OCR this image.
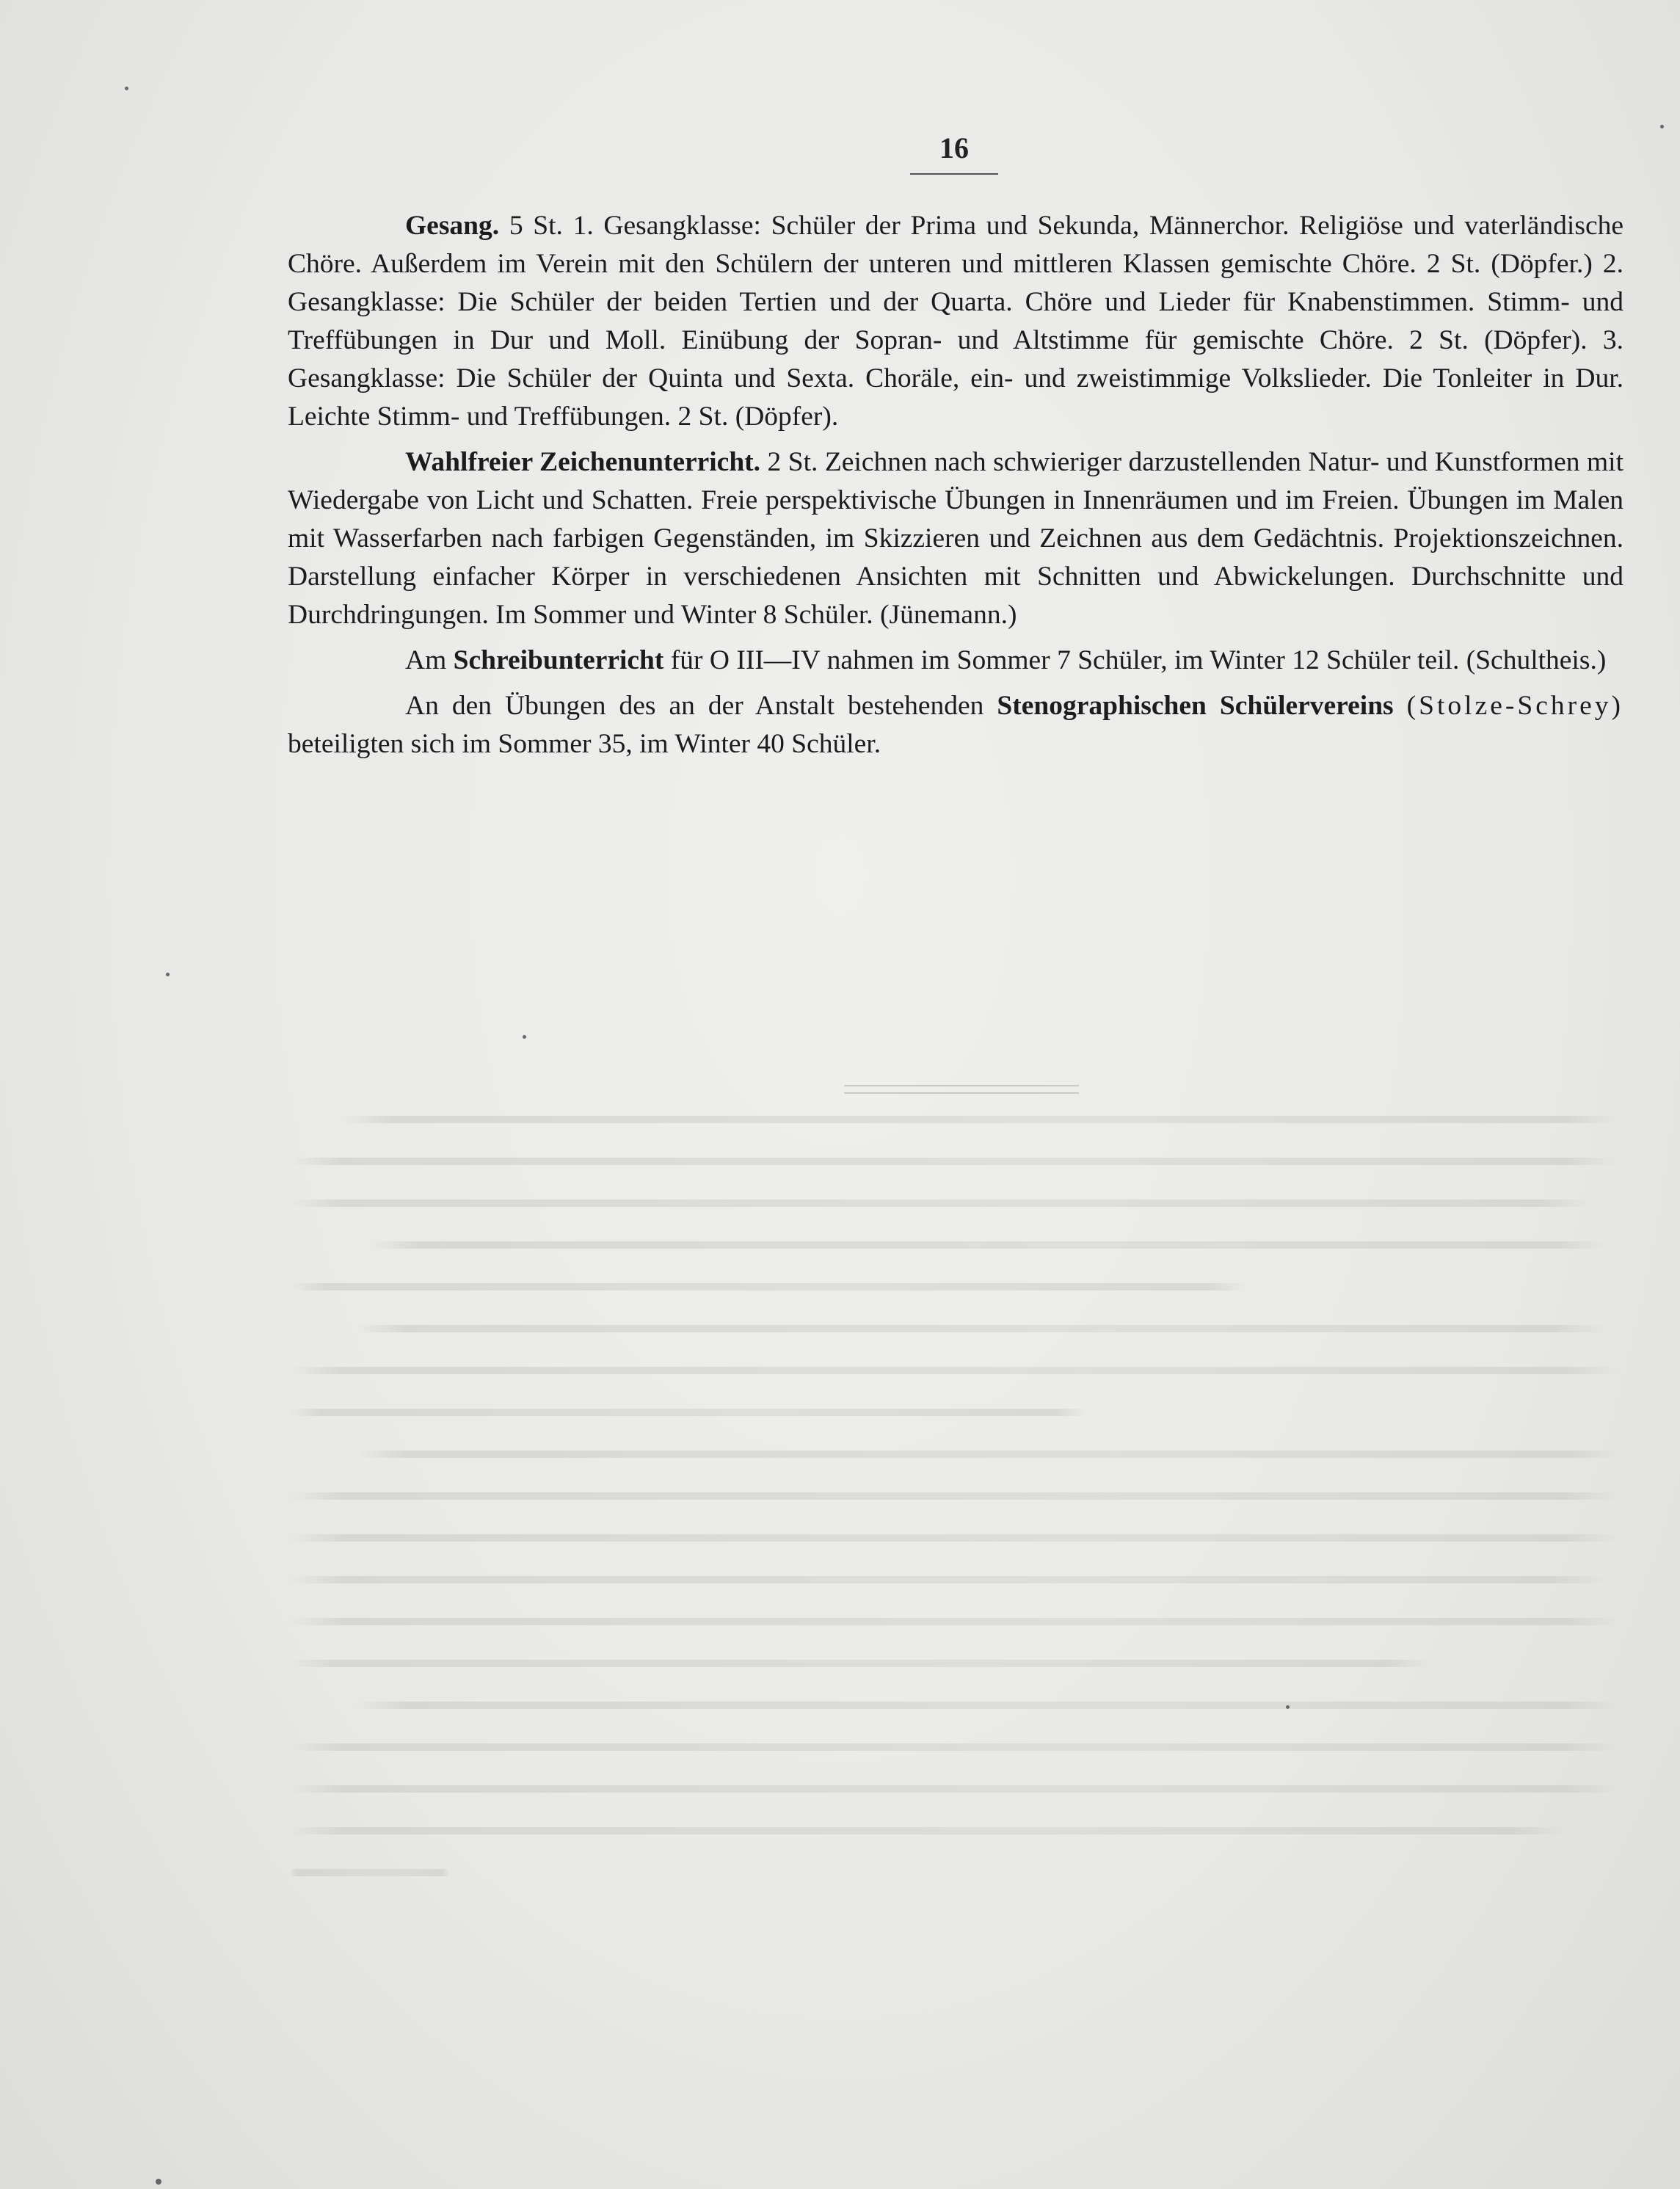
16

Gesang. 5 St. 1. Gesangklasse: Schüler der Prima und Sekunda, Männerchor. Religiöse und vaterländische Chöre. Außerdem im Verein mit den Schülern der unteren und mittleren Klassen gemischte Chöre. 2 St. (Döpfer.) 2. Gesangklasse: Die Schüler der beiden Tertien und der Quarta. Chöre und Lieder für Knabenstimmen. Stimm- und Treffübungen in Dur und Moll. Einübung der Sopran- und Altstimme für gemischte Chöre. 2 St. (Döpfer). 3. Gesangklasse: Die Schüler der Quinta und Sexta. Choräle, ein- und zweistimmige Volkslieder. Die Tonleiter in Dur. Leichte Stimm- und Treffübungen. 2 St. (Döpfer).

Wahlfreier Zeichenunterricht. 2 St. Zeichnen nach schwieriger darzustellenden Natur- und Kunstformen mit Wiedergabe von Licht und Schatten. Freie perspektivische Übungen in Innenräumen und im Freien. Übungen im Malen mit Wasserfarben nach farbigen Gegenständen, im Skizzieren und Zeichnen aus dem Gedächtnis. Projektionszeichnen. Darstellung einfacher Körper in verschiedenen Ansichten mit Schnitten und Abwickelungen. Durchschnitte und Durchdringungen. Im Sommer und Winter 8 Schüler. (Jünemann.)

Am Schreibunterricht für O III—IV nahmen im Sommer 7 Schüler, im Winter 12 Schüler teil. (Schultheis.)

An den Übungen des an der Anstalt bestehenden Stenographischen Schülervereins (Stolze-Schrey) beteiligten sich im Sommer 35, im Winter 40 Schüler.
